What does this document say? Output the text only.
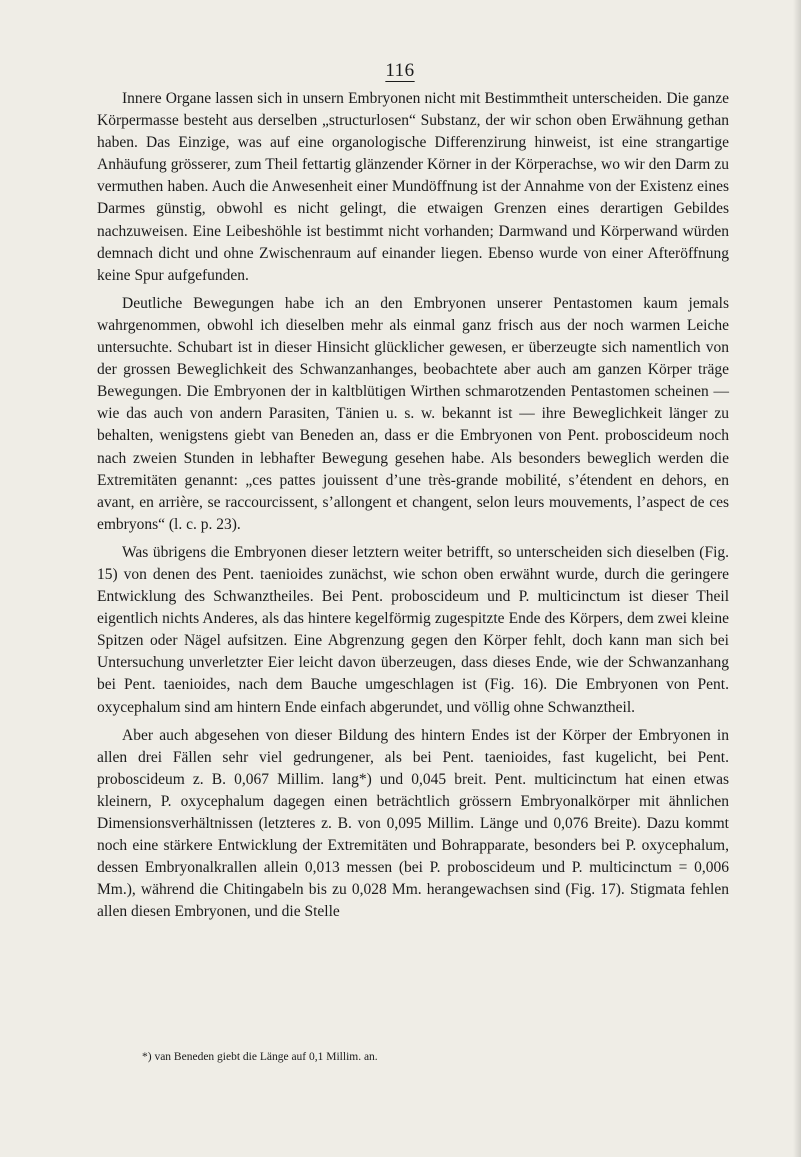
116

Innere Organe lassen sich in unsern Embryonen nicht mit Bestimmtheit unterscheiden. Die ganze Körpermasse besteht aus derselben „structurlosen“ Substanz, der wir schon oben Erwähnung gethan haben. Das Einzige, was auf eine organologische Differenzirung hinweist, ist eine strangartige Anhäufung grösserer, zum Theil fettartig glänzender Körner in der Körperachse, wo wir den Darm zu vermuthen haben. Auch die Anwesenheit einer Mundöffnung ist der Annahme von der Existenz eines Darmes günstig, obwohl es nicht gelingt, die etwaigen Grenzen eines derartigen Gebildes nachzuweisen. Eine Leibeshöhle ist bestimmt nicht vorhanden; Darmwand und Körperwand würden demnach dicht und ohne Zwischenraum auf einander liegen. Ebenso wurde von einer Afteröffnung keine Spur aufgefunden.

Deutliche Bewegungen habe ich an den Embryonen unserer Pentastomen kaum jemals wahrgenommen, obwohl ich dieselben mehr als einmal ganz frisch aus der noch warmen Leiche untersuchte. Schubart ist in dieser Hinsicht glücklicher gewesen, er überzeugte sich namentlich von der grossen Beweglichkeit des Schwanzanhanges, beobachtete aber auch am ganzen Körper träge Bewegungen. Die Embryonen der in kaltblütigen Wirthen schmarotzenden Pentastomen scheinen — wie das auch von andern Parasiten, Tänien u. s. w. bekannt ist — ihre Beweglichkeit länger zu behalten, wenigstens giebt van Beneden an, dass er die Embryonen von Pent. proboscideum noch nach zweien Stunden in lebhafter Bewegung gesehen habe. Als besonders beweglich werden die Extremitäten genannt: „ces pattes jouissent d’une très-grande mobilité, s’étendent en dehors, en avant, en arrière, se raccourcissent, s’allongent et changent, selon leurs mouvements, l’aspect de ces embryons“ (l. c. p. 23).

Was übrigens die Embryonen dieser letztern weiter betrifft, so unterscheiden sich dieselben (Fig. 15) von denen des Pent. taenioides zunächst, wie schon oben erwähnt wurde, durch die geringere Entwicklung des Schwanztheiles. Bei Pent. proboscideum und P. multicinctum ist dieser Theil eigentlich nichts Anderes, als das hintere kegelförmig zugespitzte Ende des Körpers, dem zwei kleine Spitzen oder Nägel aufsitzen. Eine Abgrenzung gegen den Körper fehlt, doch kann man sich bei Untersuchung unverletzter Eier leicht davon überzeugen, dass dieses Ende, wie der Schwanzanhang bei Pent. taenioides, nach dem Bauche umgeschlagen ist (Fig. 16). Die Embryonen von Pent. oxycephalum sind am hintern Ende einfach abgerundet, und völlig ohne Schwanztheil.

Aber auch abgesehen von dieser Bildung des hintern Endes ist der Körper der Embryonen in allen drei Fällen sehr viel gedrungener, als bei Pent. taenioides, fast kugelicht, bei Pent. proboscideum z. B. 0,067 Millim. lang*) und 0,045 breit. Pent. multicinctum hat einen etwas kleinern, P. oxycephalum dagegen einen beträchtlich grössern Embryonalkörper mit ähnlichen Dimensionsverhältnissen (letzteres z. B. von 0,095 Millim. Länge und 0,076 Breite). Dazu kommt noch eine stärkere Entwicklung der Extremitäten und Bohrapparate, besonders bei P. oxycephalum, dessen Embryonalkrallen allein 0,013 messen (bei P. proboscideum und P. multicinctum = 0,006 Mm.), während die Chitingabeln bis zu 0,028 Mm. herangewachsen sind (Fig. 17). Stigmata fehlen allen diesen Embryonen, und die Stelle

*) van Beneden giebt die Länge auf 0,1 Millim. an.
